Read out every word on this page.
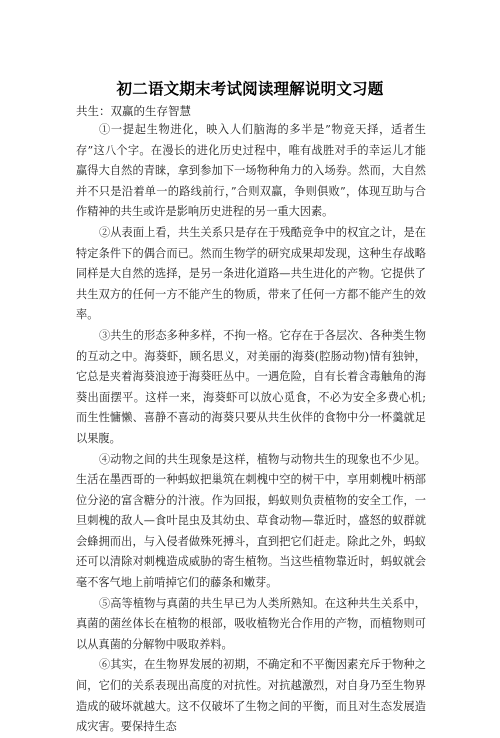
初二语文期末考试阅读理解说明文习题

共生：双赢的生存智慧

①一提起生物进化，映入人们脑海的多半是”物竞天择，适者生存”这八个字。在漫长的进化历史过程中，唯有战胜对手的幸运儿才能赢得大自然的青睐，拿到参加下一场物种角力的入场券。然而，大自然并不只是沿着单一的路线前行，”合则双赢，争则俱败”，体现互助与合作精神的共生或许是影响历史进程的另一重大因素。

②从表面上看，共生关系只是存在于残酷竞争中的权宜之计，是在特定条件下的偶合而已。然而生物学的研究成果却发现，这种生存战略同样是大自然的选择，是另一条进化道路—共生进化的产物。它提供了共生双方的任何一方不能产生的物质，带来了任何一方都不能产生的效率。

③共生的形态多种多样，不拘一格。它存在于各层次、各种类生物的互动之中。海葵虾，顾名思义，对美丽的海葵(腔肠动物)情有独钟，它总是夹着海葵浪迹于海葵旺丛中。一遇危险，自有长着含毒触角的海葵出面摆平。这样一来，海葵虾可以放心觅食，不必为安全多费心机;而生性慵懒、喜静不喜动的海葵只要从共生伙伴的食物中分一杯羹就足以果腹。

④动物之间的共生现象是这样，植物与动物共生的现象也不少见。生活在墨西哥的一种蚂蚁把巢筑在刺槐中空的树干中，享用刺槐叶柄部位分泌的富含糖分的汁液。作为回报，蚂蚁则负责植物的安全工作，一旦刺槐的敌人—食叶昆虫及其幼虫、草食动物—靠近时，盛怒的蚁群就会蜂拥而出，与入侵者做殊死搏斗，直到把它们赶走。除此之外，蚂蚁还可以清除对刺槐造成威胁的寄生植物。当这些植物靠近时，蚂蚁就会毫不客气地上前啃掉它们的藤条和嫩芽。

⑤高等植物与真菌的共生早已为人类所熟知。在这种共生关系中，真菌的菌丝体长在植物的根部，吸收植物光合作用的产物，而植物则可以从真菌的分解物中吸取养料。

⑥其实，在生物界发展的初期，不确定和不平衡因素充斥于物种之间，它们的关系表现出高度的对抗性。对抗越激烈，对自身乃至生物界造成的破坏就越大。这不仅破坏了生物之间的平衡，而且对生态发展造成灾害。要保持生态
